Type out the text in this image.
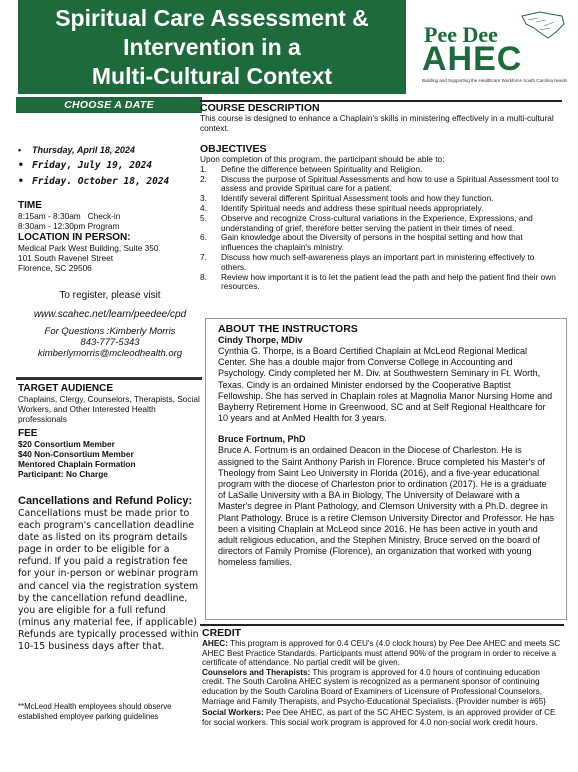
Spiritual Care Assessment &
Intervention in a
Multi-Cultural Context
Pee Dee
AHEC
Building and Supporting the Healthcare Workforce South Carolina Needs
CHOOSE A DATE
• Thursday, April 18, 2024
• Friday, July 19, 2024
• Friday. October 18, 2024
TIME
8:15am - 8:30am   Check-in
8:30am - 12:30pm Program
LOCATION IN PERSON:
Medical Park West Building, Suite 350
101 South Ravenel Street
Florence, SC 29506
To register, please visit
www.scahec.net/learn/peedee/cpd
For Questions :Kimberly Morris
843-777-5343
kimberlymorris@mcleodhealth.org
TARGET AUDIENCE
Chaplains, Clergy, Counselors, Therapists, Social Workers, and Other Interested Health professionals
FEE
$20 Consortium Member
$40 Non-Consortium Member
Mentored Chaplain Formation
Participant: No Charge
Cancellations and Refund Policy:
Cancellations must be made prior to each program's cancellation deadline date as listed on its program details page in order to be eligible for a refund. If you paid a registration fee for your in-person or webinar program and cancel via the registration system by the cancellation refund deadline, you are eligible for a full refund (minus any material fee, if applicable) Refunds are typically processed within 10-15 business days after that.
**McLeod Health employees should observe established employee parking guidelines
COURSE DESCRIPTION
This course is designed to enhance a Chaplain's skills in ministering effectively in a multi-cultural context.
OBJECTIVES
Upon completion of this program, the participant should be able to:
1. Define the difference between Spirituality and Religion.
2. Discuss the purpose of Spiritual Assessments and how to use a Spiritual Assessment tool to assess and provide Spiritual care for a patient.
3. Identify several different Spiritual Assessment tools and how they function.
4. Identify Spiritual needs and address these spiritual needs appropriately.
5. Observe and recognize Cross-cultural variations in the Experience, Expressions, and understanding of grief, therefore better serving the patient in their times of need.
6. Gain knowledge about the Diversity of persons in the hospital setting and how that influences the chaplain's ministry.
7. Discuss how much self-awareness plays an important part in ministering effectively to others.
8. Review how important it is to let the patient lead the path and help the patient find their own resources.
ABOUT THE INSTRUCTORS
Cindy Thorpe, MDiv
Cynthia G. Thorpe, is a Board Certified Chaplain at McLeod Regional Medical Center. She has a double major from Converse College in Accounting and Psychology. Cindy completed her M. Div. at Southwestern Seminary in Ft. Worth, Texas. Cindy is an ordained Minister endorsed by the Cooperative Baptist Fellowship. She has served in Chaplain roles at Magnolia Manor Nursing Home and Bayberry Retirement Home in Greenwood, SC and at Self Regional Healthcare for 10 years and at AnMed Health for 3 years.
Bruce Fortnum, PhD
Bruce A. Fortnum is an ordained Deacon in the Diocese of Charleston. He is assigned to the Saint Anthony Parish in Florence. Bruce completed his Master's of Theology from Saint Leo University in Florida (2016), and a five-year educational program with the diocese of Charleston prior to ordination (2017). He is a graduate of LaSalle University with a BA in Biology, The University of Delaware with a Master's degree in Plant Pathology, and Clemson University with a Ph.D. degree in Plant Pathology. Bruce is a retire Clemson University Director and Professor. He has been a visiting Chaplain at McLeod since 2016. He has been active in youth and adult religious education, and the Stephen Ministry. Bruce served on the board of directors of Family Promise (Florence), an organization that worked with young homeless families.
CREDIT
AHEC: This program is approved for 0.4 CEU's (4.0 clock hours) by Pee Dee AHEC and meets SC AHEC Best Practice Standards. Participants must attend 90% of the program in order to receive a certificate of attendance. No partial credit will be given.
Counselors and Therapists: This program is approved for 4.0 hours of continuing education credit. The South Carolina AHEC system is recognized as a permanent sponsor of continuing education by the South Carolina Board of Examiners of Licensure of Professional Counselors, Marriage and Family Therapists, and Psycho-Educational Specialists. {Provider number is #65}
Social Workers: Pee Dee AHEC, as part of the SC AHEC System, is an approved provider of CE for social workers. This social work program is approved for 4.0 non-social work credit hours.
